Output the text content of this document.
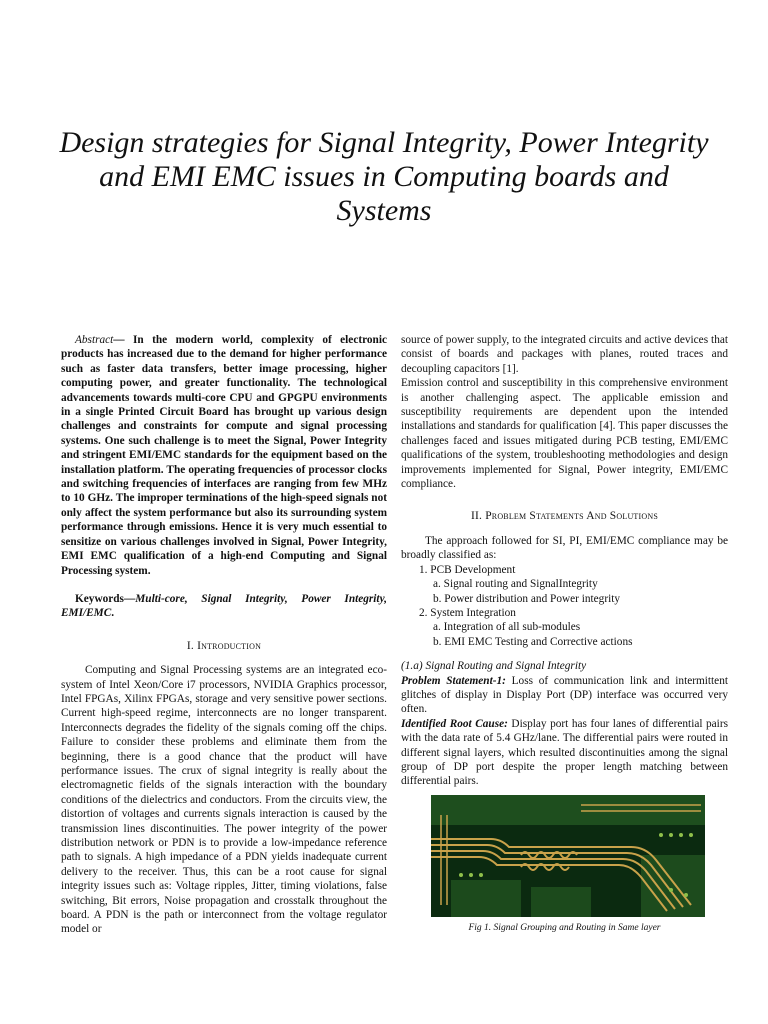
Design strategies for Signal Integrity, Power Integrity and EMI EMC issues in Computing boards and Systems

Abstract— In the modern world, complexity of electronic products has increased due to the demand for higher performance such as faster data transfers, better image processing, higher computing power, and greater functionality. The technological advancements towards multi-core CPU and GPGPU environments in a single Printed Circuit Board has brought up various design challenges and constraints for compute and signal processing systems. One such challenge is to meet the Signal, Power Integrity and stringent EMI/EMC standards for the equipment based on the installation platform. The operating frequencies of processor clocks and switching frequencies of interfaces are ranging from few MHz to 10 GHz. The improper terminations of the high-speed signals not only affect the system performance but also its surrounding system performance through emissions. Hence it is very much essential to sensitize on various challenges involved in Signal, Power Integrity, EMI EMC qualification of a high-end Computing and Signal Processing system.

Keywords—Multi-core, Signal Integrity, Power Integrity, EMI/EMC.

I. Introduction

Computing and Signal Processing systems are an integrated eco-system of Intel Xeon/Core i7 processors, NVIDIA Graphics processor, Intel FPGAs, Xilinx FPGAs, storage and very sensitive power sections. Current high-speed regime, interconnects are no longer transparent. Interconnects degrades the fidelity of the signals coming off the chips. Failure to consider these problems and eliminate them from the beginning, there is a good chance that the product will have performance issues. The crux of signal integrity is really about the electromagnetic fields of the signals interaction with the boundary conditions of the dielectrics and conductors. From the circuits view, the distortion of voltages and currents signals interaction is caused by the transmission lines discontinuities. The power integrity of the power distribution network or PDN is to provide a low-impedance reference path to signals. A high impedance of a PDN yields inadequate current delivery to the receiver. Thus, this can be a root cause for signal integrity issues such as: Voltage ripples, Jitter, timing violations, false switching, Bit errors, Noise propagation and crosstalk throughout the board. A PDN is the path or interconnect from the voltage regulator model or

source of power supply, to the integrated circuits and active devices that consist of boards and packages with planes, routed traces and decoupling capacitors [1].

Emission control and susceptibility in this comprehensive environment is another challenging aspect. The applicable emission and susceptibility requirements are dependent upon the intended installations and standards for qualification [4]. This paper discusses the challenges faced and issues mitigated during PCB testing, EMI/EMC qualifications of the system, troubleshooting methodologies and design improvements implemented for Signal, Power integrity, EMI/EMC compliance.

II. Problem Statements And Solutions

The approach followed for SI, PI, EMI/EMC compliance may be broadly classified as:

1. PCB Development
a. Signal routing and SignalIntegrity
b. Power distribution and Power integrity
2. System Integration
a. Integration of all sub-modules
b. EMI EMC Testing and Corrective actions

(1.a) Signal Routing and Signal Integrity

Problem Statement-1: Loss of communication link and intermittent glitches of display in Display Port (DP) interface was occurred very often.

Identified Root Cause: Display port has four lanes of differential pairs with the data rate of 5.4 GHz/lane. The differential pairs were routed in different signal layers, which resulted discontinuities among the signal group of DP port despite the proper length matching between differential pairs.

Fig 1. Signal Grouping and Routing in Same layer
